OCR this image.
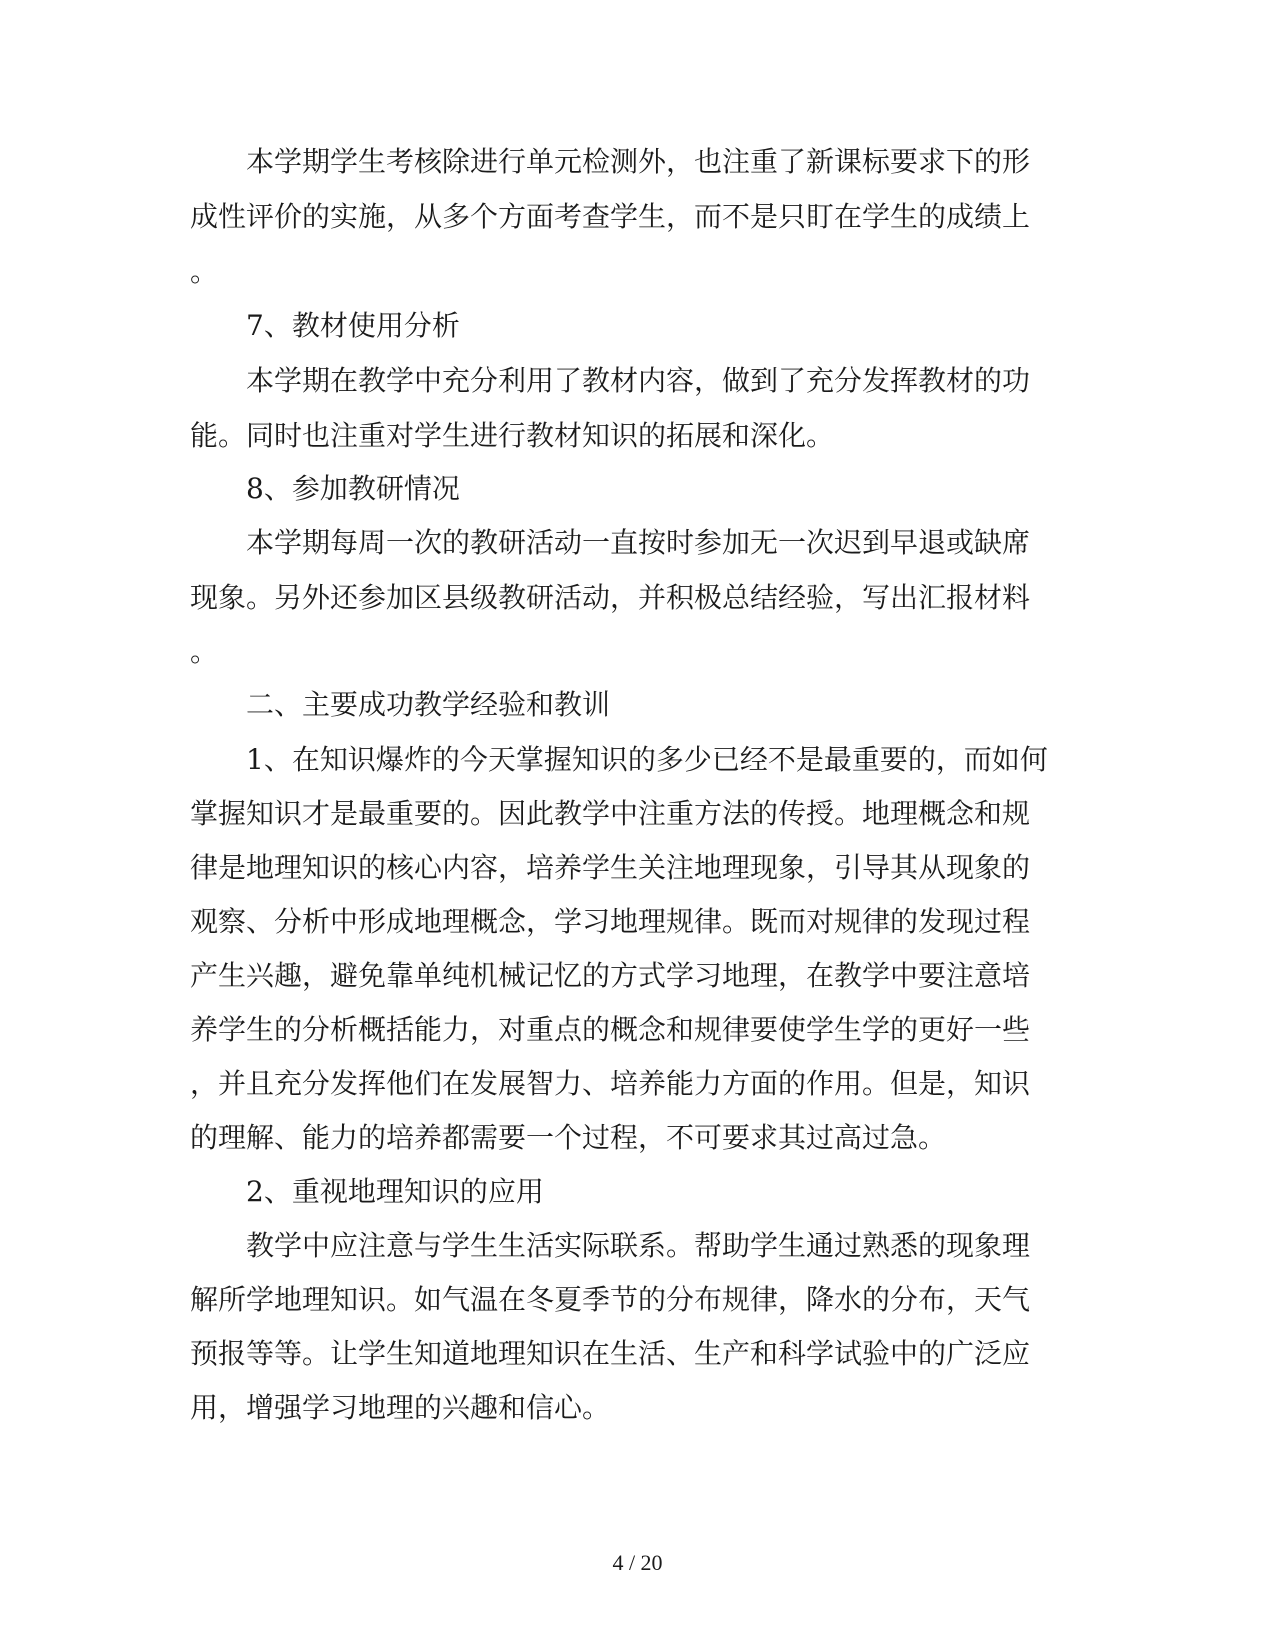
本学期学生考核除进行单元检测外，也注重了新课标要求下的形
成性评价的实施，从多个方面考查学生，而不是只盯在学生的成绩上
。
7、教材使用分析
本学期在教学中充分利用了教材内容，做到了充分发挥教材的功
能。同时也注重对学生进行教材知识的拓展和深化。
8、参加教研情况
本学期每周一次的教研活动一直按时参加无一次迟到早退或缺席
现象。另外还参加区县级教研活动，并积极总结经验，写出汇报材料
。
二、主要成功教学经验和教训
1、在知识爆炸的今天掌握知识的多少已经不是最重要的，而如何
掌握知识才是最重要的。因此教学中注重方法的传授。地理概念和规
律是地理知识的核心内容，培养学生关注地理现象，引导其从现象的
观察、分析中形成地理概念，学习地理规律。既而对规律的发现过程
产生兴趣，避免靠单纯机械记忆的方式学习地理，在教学中要注意培
养学生的分析概括能力，对重点的概念和规律要使学生学的更好一些
，并且充分发挥他们在发展智力、培养能力方面的作用。但是，知识
的理解、能力的培养都需要一个过程，不可要求其过高过急。
2、重视地理知识的应用
教学中应注意与学生生活实际联系。帮助学生通过熟悉的现象理
解所学地理知识。如气温在冬夏季节的分布规律，降水的分布，天气
预报等等。让学生知道地理知识在生活、生产和科学试验中的广泛应
用，增强学习地理的兴趣和信心。
4 / 20
